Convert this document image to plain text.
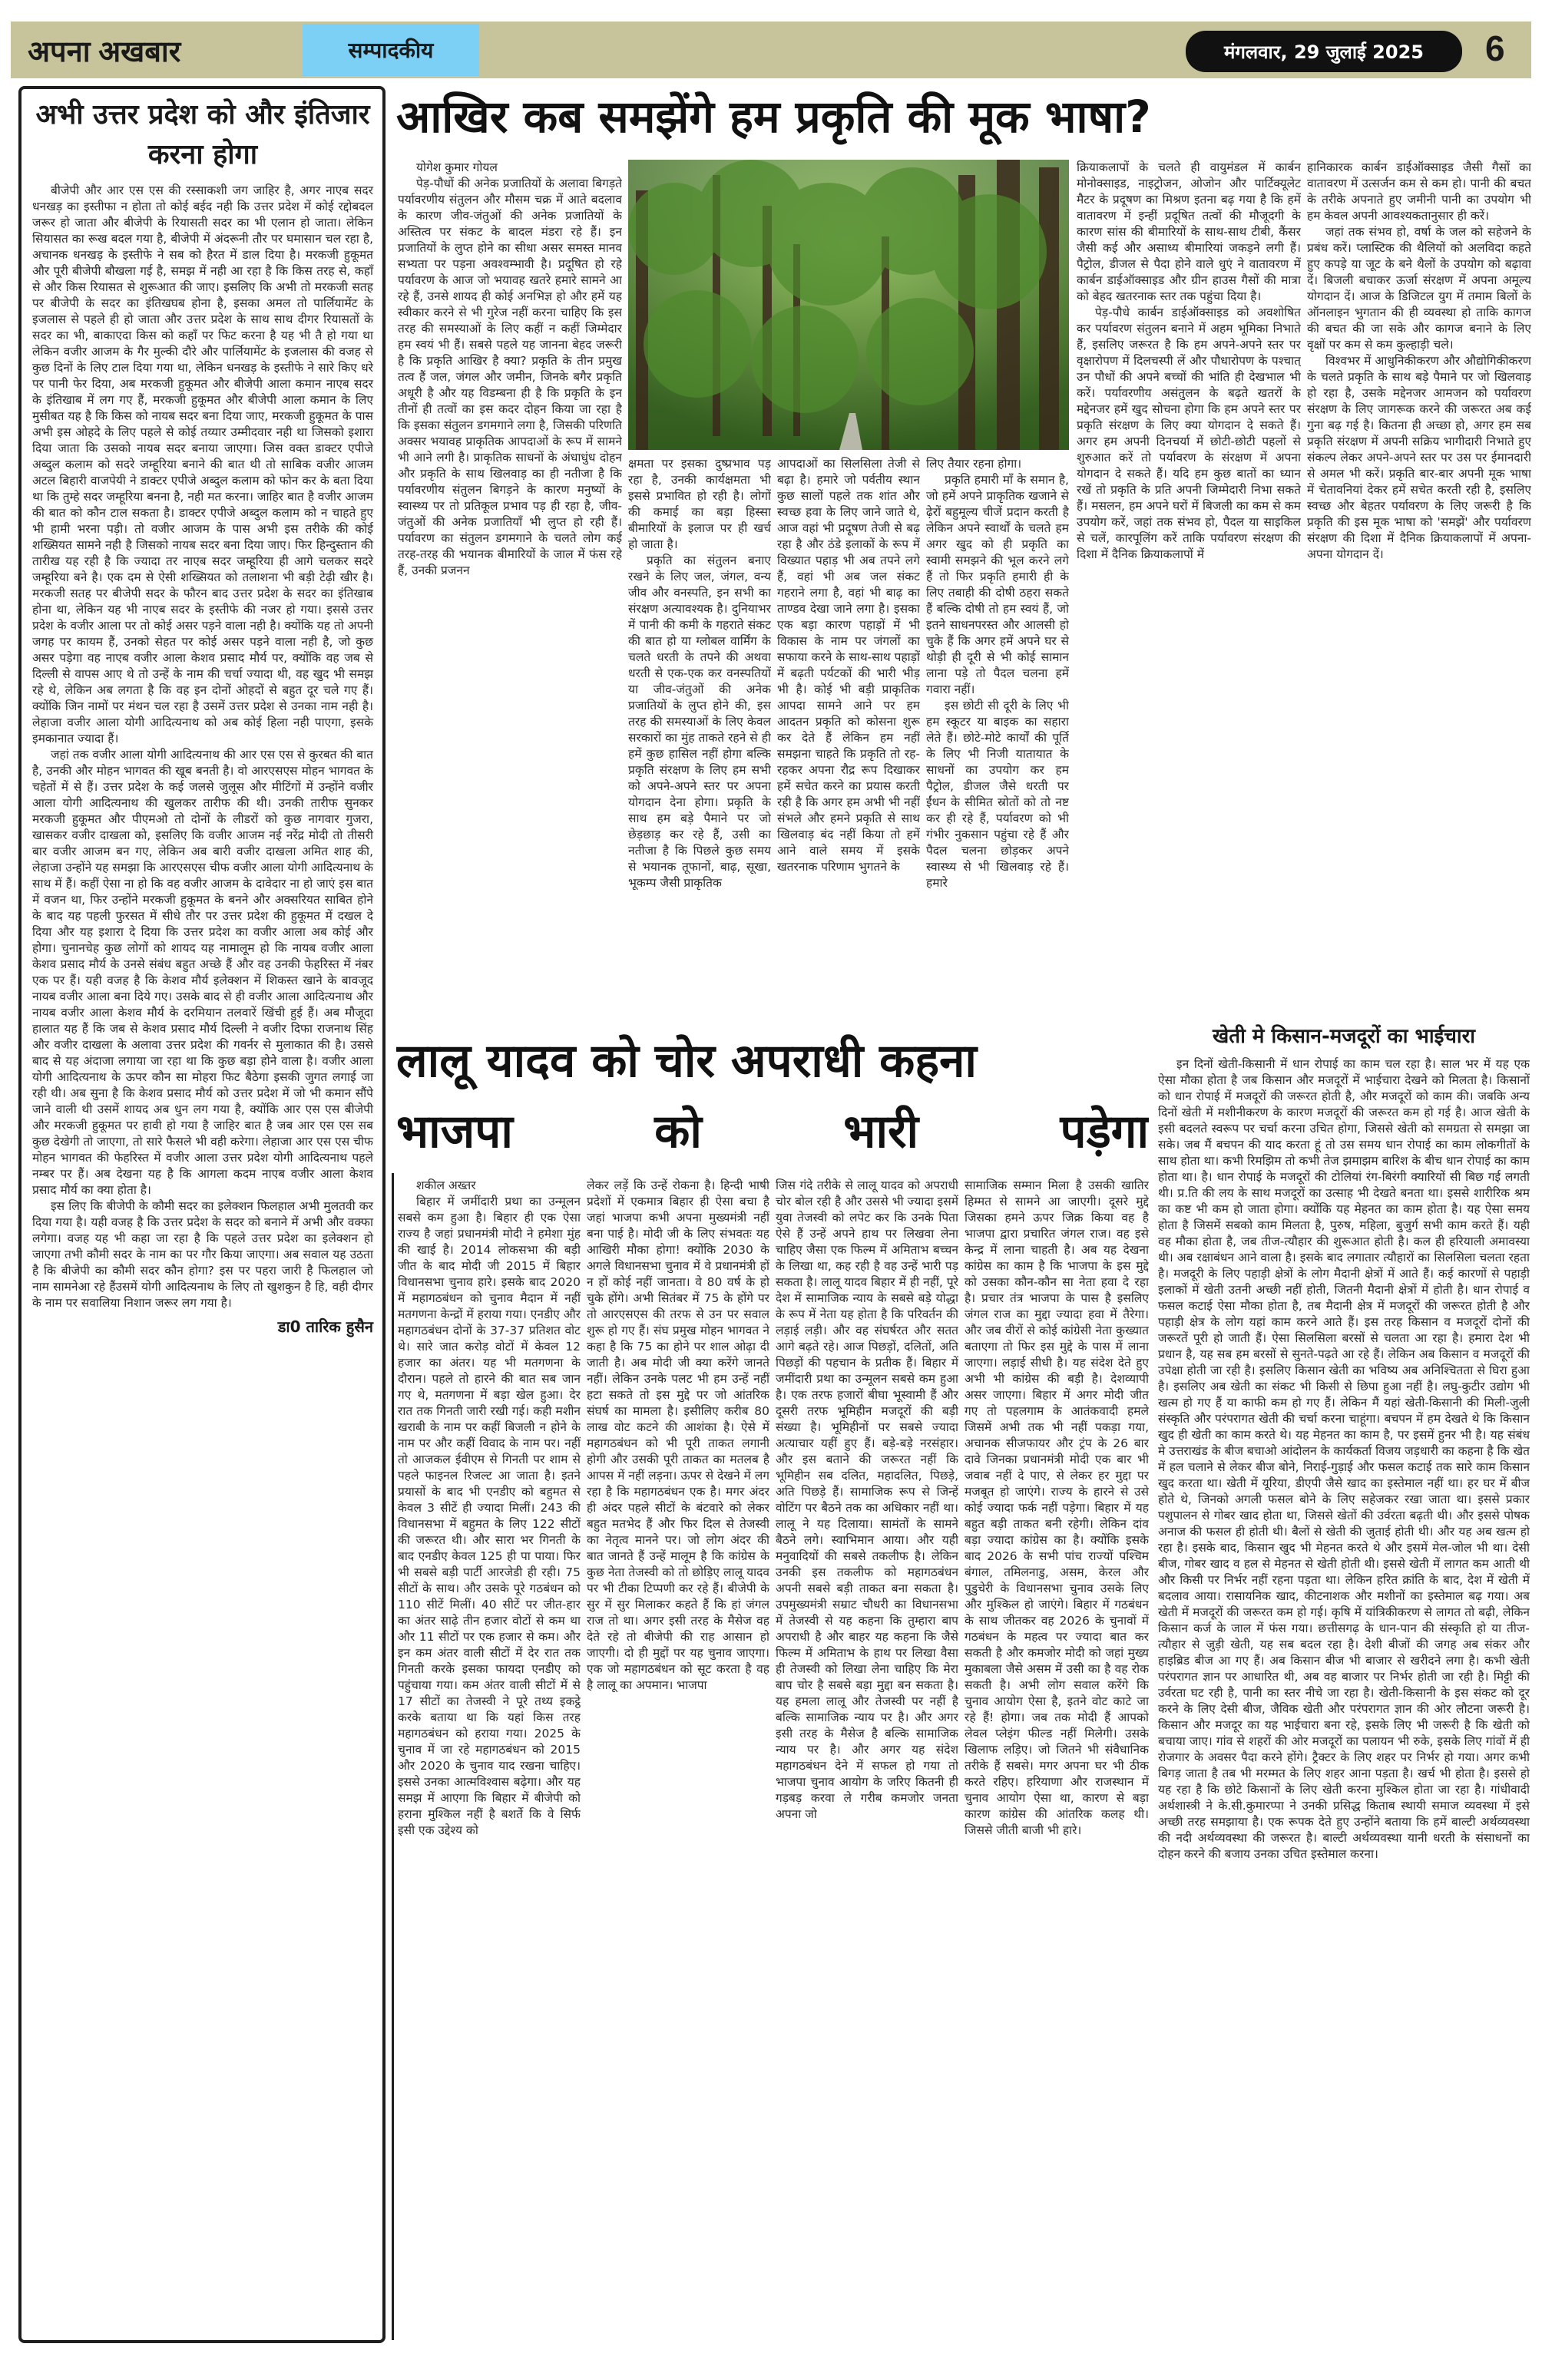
अपना अखबार	सम्पादकीय	मंगलवार, 29 जुलाई 2025	6
अभी उत्तर प्रदेश को और इंतिजार करना होगा

बीजेपी और आर एस एस की रस्साकशी जग जाहिर है, अगर नाएब सदर धनखड़ का इस्तीफा न होता तो कोई बईद नही कि उत्तर प्रदेश में कोई रद्दोबदल जरूर हो जाता और बीजेपी के रियासती सदर का भी एलान हो जाता। लेकिन सियासत का रूख बदल गया है, बीजेपी में अंदरूनी तौर पर घमासान चल रहा है, अचानक धनखड़ के इस्तीफे ने सब को हैरत में डाल दिया है। मरकजी हुकूमत और पूरी बीजेपी बौखला गई है, समझ में नही आ रहा है कि किस तरह से, कहाँ से और किस रियासत से शुरूआत की जाए। इसलिए कि अभी तो मरकजी सतह पर बीजेपी के सदर का इंतिखघब होना है, इसका अमल तो पार्लियामेंट के इजलास से पहले ही हो जाता और उत्तर प्रदेश के साथ साथ दीगर रियासतों के सदर का भी, बाकाएदा किस को कहाँ पर फिट करना है यह भी तै हो गया था लेकिन वजीर आजम के गैर मुल्की दौरे और पार्लियामेंट के इजलास की वजह से कुछ दिनों के लिए टाल दिया गया था, लेकिन धनखड़ के इस्तीफे ने सारे किए धरे पर पानी फेर दिया, अब मरकजी हुकूमत और बीजेपी आला कमान नाएब सदर के इंतिखाब में लग गए हैं, मरकजी हुकूमत और बीजेपी आला कमान के लिए मुसीबत यह है कि किस को नायब सदर बना दिया जाए, मरकजी हुकूमत के पास अभी इस ओहदे के लिए पहले से कोई तय्यार उम्मीदवार नही था जिसको इशारा दिया जाता कि उसको नायब सदर बनाया जाएगा। जिस वक्त डाक्टर एपीजे अब्दुल कलाम को सदरे जम्हूरिया बनाने की बात थी तो साबिक वजीर आजम अटल बिहारी वाजपेयी ने डाक्टर एपीजे अब्दुल कलाम को फोन कर के बता दिया था कि तुम्हे सदर जम्हूरिया बनना है, नही मत करना। जाहिर बात है वजीर आजम की बात को कौन टाल सकता है। डाक्टर एपीजे अब्दुल कलाम को न चाहते हुए भी हामी भरना पड़ी। तो वजीर आजम के पास अभी इस तरीके की कोई शख्सियत सामने नही है जिसको नायब सदर बना दिया जाए। फिर हिन्दुस्तान की तारीख यह रही है कि ज्यादा तर नाएब सदर जम्हूरिया ही आगे चलकर सदरे जम्हूरिया बने है। एक दम से ऐसी शख्सियत को तलाशना भी बड़ी टेढ़ी खीर है। मरकजी सतह पर बीजेपी सदर के फौरन बाद उत्तर प्रदेश के सदर का इंतिखाब होना था, लेकिन यह भी नाएब सदर के इस्तीफे की नजर हो गया। इससे उत्तर प्रदेश के वजीर आला पर तो कोई असर पड़ने वाला नही है। क्योंकि यह तो अपनी जगह पर कायम हैं, उनको सेहत पर कोई असर पड़ने वाला नही है, जो कुछ असर पड़ेगा वह नाएब वजीर आला केशव प्रसाद मौर्य पर, क्योंकि वह जब से दिल्ली से वापस आए थे तो उन्हें के नाम की चर्चा ज्यादा थी, वह खुद भी समझ रहे थे, लेकिन अब लगता है कि वह इन दोनों ओहदों से बहुत दूर चले गए हैं। क्योंकि जिन नामों पर मंथन चल रहा है उसमें उत्तर प्रदेश से उनका नाम नही है। लेहाजा वजीर आला योगी आदित्यनाथ को अब कोई हिला नही पाएगा, इसके इमकानात ज्यादा हैं।

जहां तक वजीर आला योगी आदित्यनाथ की आर एस एस से कुरबत की बात है, उनकी और मोहन भागवत की खूब बनती है। वो आरएसएस मोहन भागवत के चहेतों में से हैं। उत्तर प्रदेश के कई जलसे जुलूस और मीटिंगों में उन्होंने वजीर आला योगी आदित्यनाथ की खुलकर तारीफ की थी। उनकी तारीफ सुनकर मरकजी हुकूमत और पीएमओ तो दोनों के लीडरों को कुछ नागवार गुजरा, खासकर वजीर दाखला को, इसलिए कि वजीर आजम नई नरेंद्र मोदी तो तीसरी बार वजीर आजम बन गए, लेकिन अब बारी वजीर दाखला अमित शाह की, लेहाजा उन्होंने यह समझा कि आरएसएस चीफ वजीर आला योगी आदित्यनाथ के साथ में हैं। कहीं ऐसा ना हो कि वह वजीर आजम के दावेदार ना हो जाएं इस बात में वजन था, फिर उन्होंने मरकजी हुकूमत के बनने और अक्सरियत साबित होने के बाद यह पहली फुरसत में सीधे तौर पर उत्तर प्रदेश की हुकूमत में दखल दे दिया और यह इशारा दे दिया कि उत्तर प्रदेश का वजीर आला अब कोई और होगा। चुनानचेह कुछ लोगों को शायद यह नामालूम हो कि नायब वजीर आला केशव प्रसाद मौर्य के उनसे संबंध बहुत अच्छे हैं और वह उनकी फेहरिस्त में नंबर एक पर हैं। यही वजह है कि केशव मौर्य इलेक्शन में शिकस्त खाने के बावजूद नायब वजीर आला बना दिये गए। उसके बाद से ही वजीर आला आदित्यनाथ और नायब वजीर आला केशव मौर्य के दरमियान तलवारें खिंची हुई हैं। अब मौजूदा हालात यह हैं कि जब से केशव प्रसाद मौर्य दिल्ली ने वजीर दिफा राजनाथ सिंह और वजीर दाखला के अलावा उत्तर प्रदेश की गवर्नर से मुलाकात की है। उससे बाद से यह अंदाजा लगाया जा रहा था कि कुछ बड़ा होने वाला है। वजीर आला योगी आदित्यनाथ के ऊपर कौन सा मोहरा फिट बैठेगा इसकी जुगत लगाई जा रही थी। अब सुना है कि केशव प्रसाद मौर्य को उत्तर प्रदेश में जो भी कमान सौंपे जाने वाली थी उसमें शायद अब धुन लग गया है, क्योंकि आर एस एस बीजेपी और मरकजी हुकूमत पर हावी हो गया है जाहिर बात है जब आर एस एस सब कुछ देखेगी तो जाएगा, तो सारे फैसले भी वही करेगा। लेहाजा आर एस एस चीफ मोहन भागवत की फेहरिस्त में वजीर आला उत्तर प्रदेश योगी आदित्यनाथ पहले नम्बर पर हैं। अब देखना यह है कि आगला कदम नाएब वजीर आला केशव प्रसाद मौर्य का क्या होता है।

इस लिए कि बीजेपी के कौमी सदर का इलेक्शन फिलहाल अभी मुलतवी कर दिया गया है। यही वजह है कि उत्तर प्रदेश के सदर को बनाने में अभी और वक्फा लगेगा। वजह यह भी कहा जा रहा है कि पहले उत्तर प्रदेश का इलेक्शन हो जाएगा तभी कौमी सदर के नाम का पर गौर किया जाएगा। अब सवाल यह उठता है कि बीजेपी का कौमी सदर कौन होगा? इस पर पहरा जारी है फिलहाल जो नाम सामनेआ रहे हैंउसमें योगी आदित्यनाथ के लिए तो खुशकुन है हि, वही दीगर के नाम पर सवालिया निशान जरूर लग गया है।

डा0 तारिक हुसैन
आखिर कब समझेंगे हम प्रकृति की मूक भाषा?

योगेश कुमार गोयल

पेड़-पौधों की अनेक प्रजातियों के अलावा बिगड़ते पर्यावरणीय संतुलन और मौसम चक्र में आते बदलाव के कारण जीव-जंतुओं की अनेक प्रजातियों के अस्तित्व पर संकट के बादल मंडरा रहे हैं। इन प्रजातियों के लुप्त होने का सीधा असर समस्त मानव सभ्यता पर पड़ना अवश्वम्भावी है। प्रदूषित हो रहे पर्यावरण के आज जो भयावह खतरे हमारे सामने आ रहे हैं, उनसे शायद ही कोई अनभिज्ञ हो और हमें यह स्वीकार करने से भी गुरेज नहीं करना चाहिए कि इस तरह की समस्याओं के लिए कहीं न कहीं जिम्मेदार हम स्वयं भी हैं। सबसे पहले यह जानना बेहद जरूरी है कि प्रकृति आखिर है क्या? प्रकृति के तीन प्रमुख तत्व हैं जल, जंगल और जमीन, जिनके बगैर प्रकृति अधूरी है और यह विडम्बना ही है कि प्रकृति के इन तीनों ही तत्वों का इस कदर दोहन किया जा रहा है कि इसका संतुलन डगमगाने लगा है, जिसकी परिणति अक्सर भयावह प्राकृतिक आपदाओं के रूप में सामने भी आने लगी है। प्राकृतिक साधनों के अंधाधुंध दोहन और प्रकृति के साथ खिलवाड़ का ही नतीजा है कि पर्यावरणीय संतुलन बिगड़ने के कारण मनुष्यों के स्वास्थ्य पर तो प्रतिकूल प्रभाव पड़ ही रहा है, जीव-जंतुओं की अनेक प्रजातियाँ भी लुप्त हो रही हैं। पर्यावरण का संतुलन डगमगाने के चलते लोग कई तरह-तरह की भयानक बीमारियों के जाल में फंस रहे हैं, उनकी प्रजनन

क्षमता पर इसका दुष्प्रभाव पड़ रहा है, उनकी कार्यक्षमता भी इससे प्रभावित हो रही है। लोगों की कमाई का बड़ा हिस्सा बीमारियों के इलाज पर ही खर्च हो जाता है।

प्रकृति का संतुलन बनाए रखने के लिए जल, जंगल, वन्य जीव और वनस्पति, इन सभी का संरक्षण अत्यावश्यक है। दुनियाभर में पानी की कमी के गहराते संकट की बात हो या ग्लोबल वार्मिंग के चलते धरती के तपने की अथवा धरती से एक-एक कर वनस्पतियों या जीव-जंतुओं की अनेक प्रजातियों के लुप्त होने की, इस तरह की समस्याओं के लिए केवल सरकारों का मुंह ताकते रहने से ही हमें कुछ हासिल नहीं होगा बल्कि प्रकृति संरक्षण के लिए हम सभी को अपने-अपने स्तर पर अपना योगदान देना होगा। प्रकृति के साथ हम बड़े पैमाने पर जो छेड़छाड़ कर रहे हैं, उसी का नतीजा है कि पिछले कुछ समय से भयानक तूफानों, बाढ़, सूखा, भूकम्प जैसी प्राकृतिक

आपदाओं का सिलसिला तेजी से बढ़ा है। हमारे जो पर्वतीय स्थान कुछ सालों पहले तक शांत और स्वच्छ हवा के लिए जाने जाते थे, आज वहां भी प्रदूषण तेजी से बढ़ रहा है और ठंडे इलाकों के रूप में विख्यात पहाड़ भी अब तपने लगे हैं, वहां भी अब जल संकट गहराने लगा है, वहां भी बाढ़ का ताण्डव देखा जाने लगा है। इसका एक बड़ा कारण पहाड़ों में भी विकास के नाम पर जंगलों का सफाया करने के साथ-साथ पहाड़ों में बढ़ती पर्यटकों की भारी भीड़ भी है। कोई भी बड़ी प्राकृतिक आपदा सामने आने पर हम आदतन प्रकृति को कोसना शुरू कर देते हैं लेकिन हम नहीं समझना चाहते कि प्रकृति तो रह-रहकर अपना रौद्र रूप दिखाकर हमें सचेत करने का प्रयास करती रही है कि अगर हम अभी भी नहीं संभले और हमने प्रकृति से साथ खिलवाड़ बंद नहीं किया तो हमें आने वाले समय में इसके खतरनाक परिणाम भुगतने के

लिए तैयार रहना होगा।

प्रकृति हमारी माँ के समान है, जो हमें अपने प्राकृतिक खजाने से ढ़ेरों बहुमूल्य चीजें प्रदान करती है लेकिन अपने स्वार्थों के चलते हम अगर खुद को ही प्रकृति का स्वामी समझने की भूल करने लगे हैं तो फिर प्रकृति हमारी ही के लिए तबाही की दोषी ठहरा सकते हैं बल्कि दोषी तो हम स्वयं हैं, जो इतने साधनपरस्त और आलसी हो चुके हैं कि अगर हमें अपने घर से थोड़ी ही दूरी से भी कोई सामान लाना पड़े तो पैदल चलना हमें गवारा नहीं।

इस छोटी सी दूरी के लिए भी हम स्कूटर या बाइक का सहारा लेते हैं। छोटे-मोटे कार्यों की पूर्ति के लिए भी निजी यातायात के साधनों का उपयोग कर हम पैट्रोल, डीजल जैसे धरती पर ईंधन के सीमित स्रोतों को तो नष्ट कर ही रहे हैं, पर्यावरण को भी गंभीर नुकसान पहुंचा रहे हैं और पैदल चलना छोड़कर अपने स्वास्थ्य से भी खिलवाड़ रहे हैं। हमारे

क्रियाकलापों के चलते ही वायुमंडल में कार्बन मोनोक्साइड, नाइट्रोजन, ओजोन और पार्टिक्यूलेट मैटर के प्रदूषण का मिश्रण इतना बढ़ गया है कि हमें वातावरण में इन्हीं प्रदूषित तत्वों की मौजूदगी के कारण सांस की बीमारियों के साथ-साथ टीबी, कैंसर जैसी कई और असाध्य बीमारियां जकड़ने लगी हैं। पैट्रोल, डीजल से पैदा होने वाले धुएं ने वातावरण में कार्बन डाईऑक्साइड और ग्रीन हाउस गैसों की मात्रा को बेहद खतरनाक स्तर तक पहुंचा दिया है।

पेड़-पौधे कार्बन डाईऑक्साइड को अवशोषित कर पर्यावरण संतुलन बनाने में अहम भूमिका निभाते हैं, इसलिए जरूरत है कि हम अपने-अपने स्तर पर वृक्षारोपण में दिलचस्पी लें और पौधारोपण के पश्चात् उन पौधों की अपने बच्चों की भांति ही देखभाल भी करें। पर्यावरणीय असंतुलन के बढ़ते खतरों के मद्देनजर हमें खुद सोचना होगा कि हम अपने स्तर पर प्रकृति संरक्षण के लिए क्या योगदान दे सकते हैं। अगर हम अपनी दिनचर्या में छोटी-छोटी पहलों से शुरुआत करें तो पर्यावरण के संरक्षण में अपना योगदान दे सकते हैं। यदि हम कुछ बातों का ध्यान रखें तो प्रकृति के प्रति अपनी जिम्मेदारी निभा सकते हैं। मसलन, हम अपने घरों में बिजली का कम से कम उपयोग करें, जहां तक संभव हो, पैदल या साइकिल से चलें, कारपूलिंग करें ताकि पर्यावरण संरक्षण की दिशा में दैनिक क्रियाकलापों में

हानिकारक कार्बन डाईऑक्साइड जैसी गैसों का वातावरण में उत्सर्जन कम से कम हो। पानी की बचत के तरीके अपनाते हुए जमीनी पानी का उपयोग भी हम केवल अपनी आवश्यकतानुसार ही करें।

जहां तक संभव हो, वर्षा के जल को सहेजने के प्रबंध करें। प्लास्टिक की थैलियों को अलविदा कहते हुए कपड़े या जूट के बने थैलों के उपयोग को बढ़ावा दें। बिजली बचाकर ऊर्जा संरक्षण में अपना अमूल्य योगदान दें। आज के डिजिटल युग में तमाम बिलों के ऑनलाइन भुगतान की ही व्यवस्था हो ताकि कागज की बचत की जा सके और कागज बनाने के लिए वृक्षों पर कम से कम कुल्हाड़ी चले।

विश्वभर में आधुनिकीकरण और औद्योगिकीकरण के चलते प्रकृति के साथ बड़े पैमाने पर जो खिलवाड़ हो रहा है, उसके मद्देनजर आमजन को पर्यावरण संरक्षण के लिए जागरूक करने की जरूरत अब कई गुना बढ़ गई है। कितना ही अच्छा हो, अगर हम सब प्रकृति संरक्षण में अपनी सक्रिय भागीदारी निभाते हुए संकल्प लेकर अपने-अपने स्तर पर उस पर ईमानदारी से अमल भी करें। प्रकृति बार-बार अपनी मूक भाषा में चेतावनियां देकर हमें सचेत करती रही है, इसलिए स्वच्छ और बेहतर पर्यावरण के लिए जरूरी है कि प्रकृति की इस मूक भाषा को 'समझें' और पर्यावरण संरक्षण की दिशा में दैनिक क्रियाकलापों में अपना-अपना योगदान दें।

लालू यादव को चोर अपराधी कहना
भाजपा	को	भारी	पड़ेगा
खेती मे किसान-मजदूरों का भाईचारा

इन दिनों खेती-किसानी में धान रोपाई का काम चल रहा है। साल भर में यह एक ऐसा मौका होता है जब किसान और मजदूरों में भाईचारा देखने को मिलता है। किसानों को धान रोपाई में मजदूरों की जरूरत होती है, और मजदूरों को काम की। जबकि अन्य दिनों खेती में मशीनीकरण के कारण मजदूरों की जरूरत कम हो गई है। आज खेती के इसी बदलते स्वरूप पर चर्चा करना उचित होगा, जिससे खेती को समग्रता से समझा जा सके। जब मैं बचपन की याद करता हूं तो उस समय धान रोपाई का काम लोकगीतों के साथ होता था। कभी रिमझिम तो कभी तेज झमाझम बारिश के बीच धान रोपाई का काम होता था। है। धान रोपाई के मजदूरों की टोलियां रंग-बिरंगी क्यारियों सी बिछ गई लगती थी। प्र.ति की लय के साथ मजदूरों का उत्साह भी देखते बनता था। इससे शारीरिक श्रम का कष्ट भी कम हो जाता होगा। क्योंकि यह मेहनत का काम होता है। यह ऐसा समय होता है जिसमें सबको काम मिलता है, पुरुष, महिला, बुजुर्ग सभी काम करते हैं। यही वह मौका होता है, जब तीज-त्यौहार की शुरूआत होती है। कल ही हरियाली अमावस्या थी। अब रक्षाबंधन आने वाला है। इसके बाद लगातार त्यौहारों का सिलसिला चलता रहता है। मजदूरी के लिए पहाड़ी क्षेत्रों के लोग मैदानी क्षेत्रों में आते हैं। कई कारणों से पहाड़ी इलाकों में खेती उतनी अच्छी नहीं होती, जितनी मैदानी क्षेत्रों में होती है। धान रोपाई व फसल कटाई ऐसा मौका होता है, तब मैदानी क्षेत्र में मजदूरों की जरूरत होती है और पहाड़ी क्षेत्र के लोग यहां काम करने आते हैं। इस तरह किसान व मजदूरों दोनों की जरूरतें पूरी हो जाती हैं। ऐसा सिलसिला बरसों से चलता आ रहा है। हमारा देश भी प्रधान है, यह सब हम बरसों से सुनते-पढ़ते आ रहे हैं। लेकिन अब किसान व मजदूरों की उपेक्षा होती जा रही है। इसलिए किसान खेती का भविष्य अब अनिश्चितता से घिरा हुआ है। इसलिए अब खेती का संकट भी किसी से छिपा हुआ नहीं है। लघु-कुटीर उद्योग भी खत्म हो गए हैं या काफी कम हो गए हैं। लेकिन मैं यहां खेती-किसानी की मिली-जुली संस्कृति और परंपरागत खेती की चर्चा करना चाहूंगा। बचपन में हम देखते थे कि किसान खुद ही खेती का काम करते थे। यह मेहनत का काम है, पर इसमें हुनर भी है। यह संबंध मे उत्तराखंड के बीज बचाओ आंदोलन के कार्यकर्ता विजय जड़धारी का कहना है कि खेत में हल चलाने से लेकर बीज बोने, निराई-गुड़ाई और फसल कटाई तक सारे काम किसान खुद करता था। खेती में यूरिया, डीएपी जैसे खाद का इस्तेमाल नहीं था। हर घर में बीज होते थे, जिनको अगली फसल बोने के लिए सहेजकर रखा जाता था। इससे प्रकार पशुपालन से गोबर खाद होता था, जिससे खेतों की उर्वरता बढ़ती थी। और इससे पोषक अनाज की फसल ही होती थी। बैलों से खेती की जुताई होती थी। और यह अब खत्म हो रहा है। इसके बाद, किसान खुद भी मेहनत करते थे और इसमें मेल-जोल भी था। देसी बीज, गोबर खाद व हल से मेहनत से खेती होती थी। इससे खेती में लागत कम आती थी और किसी पर निर्भर नहीं रहना पड़ता था। लेकिन हरित क्रांति के बाद, देश में खेती में बदलाव आया। रासायनिक खाद, कीटनाशक और मशीनों का इस्तेमाल बढ़ गया। अब खेती में मजदूरों की जरूरत कम हो गई। कृषि में यांत्रिकीकरण से लागत तो बढ़ी, लेकिन किसान कर्ज के जाल में फंस गया। छत्तीसगढ़ के धान-पान की संस्कृति हो या तीज-त्यौहार से जुड़ी खेती, यह सब बदल रहा है। देशी बीजों की जगह अब संकर और हाइब्रिड बीज आ गए हैं। अब किसान बीज भी बाजार से खरीदने लगा है। कभी खेती परंपरागत ज्ञान पर आधारित थी, अब वह बाजार पर निर्भर होती जा रही है। मिट्टी की उर्वरता घट रही है, पानी का स्तर नीचे जा रहा है। खेती-किसानी के इस संकट को दूर करने के लिए देसी बीज, जैविक खेती और परंपरागत ज्ञान की ओर लौटना जरूरी है। किसान और मजदूर का यह भाईचारा बना रहे, इसके लिए भी जरूरी है कि खेती को बचाया जाए। गांव से शहरों की ओर मजदूरों का पलायन भी रुके, इसके लिए गांवों में ही रोजगार के अवसर पैदा करने होंगे। ट्रैक्टर के लिए शहर पर निर्भर हो गया। अगर कभी बिगड़ जाता है तब भी मरम्मत के लिए शहर आना पड़ता है। खर्च भी होता है। इससे हो यह रहा है कि छोटे किसानों के लिए खेती करना मुश्किल होता जा रहा है। गांधीवादी अर्थशास्त्री ने के.सी.कुमारप्पा ने उनकी प्रसिद्ध किताब स्थायी समाज व्यवस्था में इसे अच्छी तरह समझाया है। एक रूपक देते हुए उन्होंने बताया कि हमें बाल्टी अर्थव्यवस्था की नदी अर्थव्यवस्था की जरूरत है। बाल्टी अर्थव्यवस्था यानी धरती के संसाधनों का दोहन करने की बजाय उनका उचित इस्तेमाल करना।

शकील अख्तर

बिहार में जमींदारी प्रथा का उन्मूलन सबसे कम हुआ है। बिहार ही एक ऐसा राज्य है जहां प्रधानमंत्री मोदी ने हमेशा मुंह की खाई है। 2014 लोकसभा की बड़ी जीत के बाद मोदी जी 2015 में बिहार विधानसभा चुनाव हारे। इसके बाद 2020 में महागठबंधन को चुनाव मैदान में नहीं मतगणना केन्द्रों में हराया गया। एनडीए और महागठबंधन दोनों के 37-37 प्रतिशत वोट थे। सारे जात करोड़ वोटों में केवल 12 हजार का अंतर। यह भी मतगणना के दौरान। पहले तो हारने की बात सब जान गए थे, मतगणना में बड़ा खेल हुआ। देर रात तक गिनती जारी रखी गई। कही मशीन खराबी के नाम पर कहीं बिजली न होने के नाम पर और कहीं विवाद के नाम पर। नहीं तो आजकल ईवीएम से गिनती पर शाम से पहले फाइनल रिजल्ट आ जाता है। इतने प्रयासों के बाद भी एनडीए को बहुमत से केवल 3 सीटें ही ज्यादा मिलीं। 243 की विधानसभा में बहुमत के लिए 122 सीटों की जरूरत थी। और सारा भर गिनती के बाद एनडीए केवल 125 ही पा पाया। फिर भी सबसे बड़ी पार्टी आरजेडी ही रही। 75 सीटों के साथ। और उसके पूरे गठबंधन को 110 सीटें मिलीं। 40 सीटें पर जीत-हार का अंतर साढ़े तीन हजार वोटों से कम था और 11 सीटों पर एक हजार से कम। और इन कम अंतर वाली सीटों में देर रात तक गिनती करके इसका फायदा एनडीए को पहुंचाया गया। कम अंतर वाली सीटों में से 17 सीटों का तेजस्वी ने पूरे तथ्य इकट्ठे करके बताया था कि यहां किस तरह महागठबंधन को हराया गया। 2025 के चुनाव में जा रहे महागठबंधन को 2015 और 2020 के चुनाव याद रखना चाहिए। इससे उनका आत्मविश्वास बढ़ेगा। और यह समझ में आएगा कि बिहार में बीजेपी को हराना मुश्किल नहीं है बशर्ते कि वे सिर्फ इसी एक उद्देश्य को

लेकर लड़ें कि उन्हें रोकना है। हिन्दी भाषी प्रदेशों में एकमात्र बिहार ही ऐसा बचा है जहां भाजपा कभी अपना मुख्यमंत्री नहीं बना पाई है। मोदी जी के लिए संभवतः यह आखिरी मौका होगा! क्योंकि 2030 के अगले विधानसभा चुनाव में वे प्रधानमंत्री हों न हों कोई नहीं जानता। वे 80 वर्ष के हो चुके होंगे। अभी सितंबर में 75 के होंगे पर तो आरएसएस की तरफ से उन पर सवाल शुरू हो गए हैं। संघ प्रमुख मोहन भागवत ने कहा है कि 75 का होने पर शाल ओढ़ा दी जाती है। अब मोदी जी क्या करेंगे जानते नहीं। लेकिन उनके पलट भी हम उन्हें नहीं हटा सकते तो इस मुद्दे पर जो आंतरिक संघर्ष का मामला है। इसीलिए करीब 80 लाख वोट कटने की आशंका है। ऐसे में महागठबंधन को भी पूरी ताकत लगानी होगी और उसकी पूरी ताकत का मतलब है आपस में नहीं लड़ना। ऊपर से देखने में लग रहा है कि महागठबंधन एक है। मगर अंदर ही अंदर पहले सीटों के बंटवारे को लेकर बहुत मतभेद हैं और फिर दिल से तेजस्वी का नेतृत्व मानने पर। जो लोग अंदर की बात जानते हैं उन्हें मालूम है कि कांग्रेस के कुछ नेता तेजस्वी को तो छोड़िए लालू यादव पर भी टीका टिप्पणी कर रहे हैं। बीजेपी के सुर में सुर मिलाकर कहते हैं कि हां जंगल राज तो था। अगर इसी तरह के मैसेज वह देते रहे तो बीजेपी की राह आसान हो जाएगी। दो ही मुद्दों पर यह चुनाव जाएगा। एक जो महागठबंधन को सूट करता है वह है लालू का अपमान। भाजपा

जिस गंदे तरीके से लालू यादव को अपराधी चोर बोल रही है और उससे भी ज्यादा इसमें युवा तेजस्वी को लपेट कर कि उनके पिता ऐसे हैं उन्हें अपने हाथ पर लिखवा लेना चाहिए जैसा एक फिल्म में अमिताभ बच्चन के लिखा था, कह रही है वह उन्हें भारी पड़ सकता है। लालू यादव बिहार में ही नहीं, पूरे देश में सामाजिक न्याय के सबसे बड़े योद्धा के रूप में नेता यह होता है कि परिवर्तन की लड़ाई लड़ी। और वह संघर्षरत और सतत आगे बढ़ते रहे। आज पिछड़ों, दलितों, अति पिछड़ों की पहचान के प्रतीक हैं। बिहार में जमींदारी प्रथा का उन्मूलन सबसे कम हुआ है। एक तरफ हजारों बीघा भूस्वामी हैं और दूसरी तरफ भूमिहीन मजदूरों की बड़ी संख्या है। भूमिहीनों पर सबसे ज्यादा अत्याचार यहीं हुए हैं। बड़े-बड़े नरसंहार। और इस बताने की जरूरत नहीं कि भूमिहीन सब दलित, महादलित, पिछड़े, अति पिछड़े हैं। सामाजिक रूप से जिन्हें वोटिंग पर बैठने तक का अधिकार नहीं था। लालू ने यह दिलाया। सामंतों के सामने बैठने लगे। स्वाभिमान आया। और यही मनुवादियों की सबसे तकलीफ है। लेकिन उनकी इस तकलीफ को महागठबंधन अपनी सबसे बड़ी ताकत बना सकता है। उपमुख्यमंत्री सम्राट चौधरी का विधानसभा में तेजस्वी से यह कहना कि तुम्हारा बाप अपराधी है और बाहर यह कहना कि जैसे फिल्म में अमिताभ के हाथ पर लिखा वैसा ही तेजस्वी को लिखा लेना चाहिए कि मेरा बाप चोर है सबसे बड़ा मुद्दा बन सकता है। यह हमला लालू और तेजस्वी पर नहीं है बल्कि सामाजिक न्याय पर है। और अगर इसी तरह के मैसेज है बल्कि सामाजिक न्याय पर है। और अगर यह संदेश महागठबंधन देने में सफल हो गया तो भाजपा चुनाव आयोग के जरिए कितनी ही गड़बड़ करवा ले गरीब कमजोर जनता अपना जो

सामाजिक सम्मान मिला है उसकी खातिर हिम्मत से सामने आ जाएगी। दूसरे मुद्दे जिसका हमने ऊपर जिक्र किया वह है भाजपा द्वारा प्रचारित जंगल राज। वह इसे केन्द्र में लाना चाहती है। अब यह देखना कांग्रेस का काम है कि भाजपा के इस मुद्दे को उसका कौन-कौन सा नेता हवा दे रहा है। प्रचार तंत्र भाजपा के पास है इसलिए जंगल राज का मुद्दा ज्यादा हवा में तैरेगा। और जब वीरों से कोई कांग्रेसी नेता कुख्यात बताएगा तो फिर इस मुद्दे के पास में लाना जाएगा। लड़ाई सीधी है। यह संदेश देते हुए अभी भी कांग्रेस की बड़ी है। देशव्यापी असर जाएगा। बिहार में अगर मोदी जीत गए तो पहलगाम के आतंकवादी हमले जिसमें अभी तक भी नहीं पकड़ा गया, अचानक सीजफायर और ट्रंप के 26 बार दावे जिनका प्रधानमंत्री मोदी एक बार भी जवाब नहीं दे पाए, से लेकर हर मुद्दा पर मजबूत हो जाएंगे। राज्य के हारने से उसे कोई ज्यादा फर्क नहीं पड़ेगा। बिहार में यह बहुत बड़ी ताकत बनी रहेगी। लेकिन दांव बड़ा ज्यादा कांग्रेस का है। क्योंकि इसके बाद 2026 के सभी पांच राज्यों पश्चिम बंगाल, तमिलनाडु, असम, केरल और पुडुचेरी के विधानसभा चुनाव उसके लिए और मुश्किल हो जाएंगे। बिहार में गठबंधन के साथ जीतकर वह 2026 के चुनावों में गठबंधन के महत्व पर ज्यादा बात कर सकती है और कमजोर मोदी को जहां मुख्य मुकाबला जैसे असम में उसी का है वह रोक सकती है। अभी लोग सवाल करेंगे कि चुनाव आयोग ऐसा है, इतने वोट काटे जा रहे हैं! होगा। जब तक मोदी हैं आपको लेवल प्लेइंग फील्ड नहीं मिलेगी। उसके खिलाफ लड़िए। जो जितने भी संवैधानिक तरीके हैं सबसे। मगर अपना घर भी ठीक करते रहिए। हरियाणा और राजस्थान में चुनाव आयोग ऐसा था, कारण से बड़ा कारण कांग्रेस की आंतरिक कलह थी। जिससे जीती बाजी भी हारे।
